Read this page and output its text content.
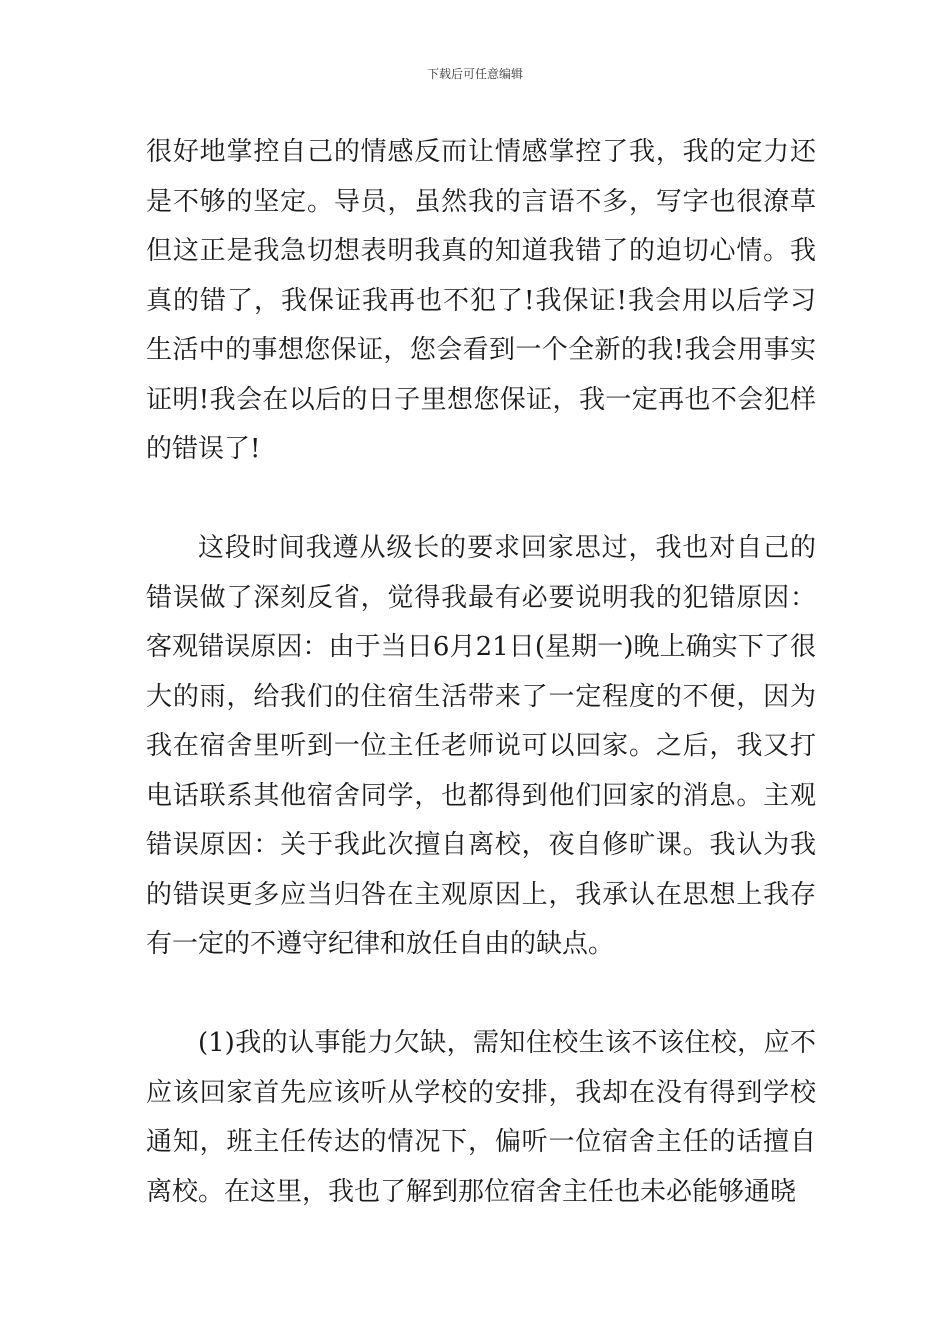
下载后可任意编辑

很好地掌控自己的情感反而让情感掌控了我，我的定力还是不够的坚定。导员，虽然我的言语不多，写字也很潦草但这正是我急切想表明我真的知道我错了的迫切心情。我真的错了，我保证我再也不犯了!我保证!我会用以后学习生活中的事想您保证，您会看到一个全新的我!我会用事实证明!我会在以后的日子里想您保证，我一定再也不会犯样的错误了!

这段时间我遵从级长的要求回家思过，我也对自己的错误做了深刻反省，觉得我最有必要说明我的犯错原因：客观错误原因：由于当日6月21日(星期一)晚上确实下了很大的雨，给我们的住宿生活带来了一定程度的不便，因为我在宿舍里听到一位主任老师说可以回家。之后，我又打电话联系其他宿舍同学，也都得到他们回家的消息。主观错误原因：关于我此次擅自离校，夜自修旷课。我认为我的错误更多应当归咎在主观原因上，我承认在思想上我存有一定的不遵守纪律和放任自由的缺点。

(1)我的认事能力欠缺，需知住校生该不该住校，应不应该回家首先应该听从学校的安排，我却在没有得到学校通知，班主任传达的情况下，偏听一位宿舍主任的话擅自离校。在这里，我也了解到那位宿舍主任也未必能够通晓
